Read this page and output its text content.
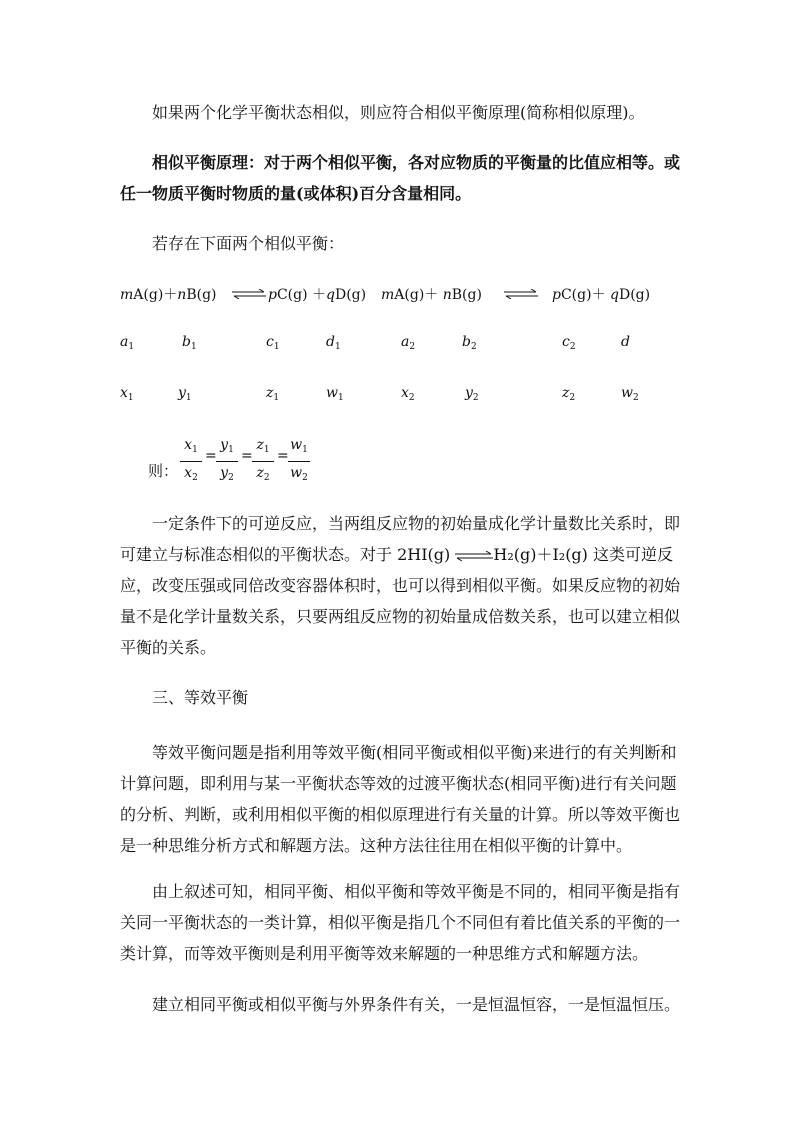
如果两个化学平衡状态相似，则应符合相似平衡原理(简称相似原理)。

相似平衡原理：对于两个相似平衡，各对应物质的平衡量的比值应相等。或任一物质平衡时物质的量(或体积)百分含量相同。

若存在下面两个相似平衡：

mA(g)＋nB(g) ⇌ pC(g) ＋qD(g) mA(g)＋ nB(g) ⇌ pC(g)＋ qD(g)
$a_1$	$b_1$	$c_1$	$d_1$	$a_2$	$b_2$	$c_2$	d
$x_1$	$y_1$	$z_1$	$w_1$	$x_2$	$y_2$	$z_2$	$w_2$
则： $\frac{x_1}{x_2} = \frac{y_1}{y_2} = \frac{z_1}{z_2} = \frac{w_1}{w_2}$

一定条件下的可逆反应，当两组反应物的初始量成化学计量数比关系时，即可建立与标准态相似的平衡状态。对于 2HI(g) ⇌H₂(g)＋I₂(g) 这类可逆反应，改变压强或同倍改变容器体积时，也可以得到相似平衡。如果反应物的初始量不是化学计量数关系，只要两组反应物的初始量成倍数关系，也可以建立相似平衡的关系。

三、等效平衡

等效平衡问题是指利用等效平衡(相同平衡或相似平衡)来进行的有关判断和计算问题，即利用与某一平衡状态等效的过渡平衡状态(相同平衡)进行有关问题的分析、判断，或利用相似平衡的相似原理进行有关量的计算。所以等效平衡也是一种思维分析方式和解题方法。这种方法往往用在相似平衡的计算中。

由上叙述可知，相同平衡、相似平衡和等效平衡是不同的，相同平衡是指有关同一平衡状态的一类计算，相似平衡是指几个不同但有着比值关系的平衡的一类计算，而等效平衡则是利用平衡等效来解题的一种思维方式和解题方法。

建立相同平衡或相似平衡与外界条件有关，一是恒温恒容，一是恒温恒压。
